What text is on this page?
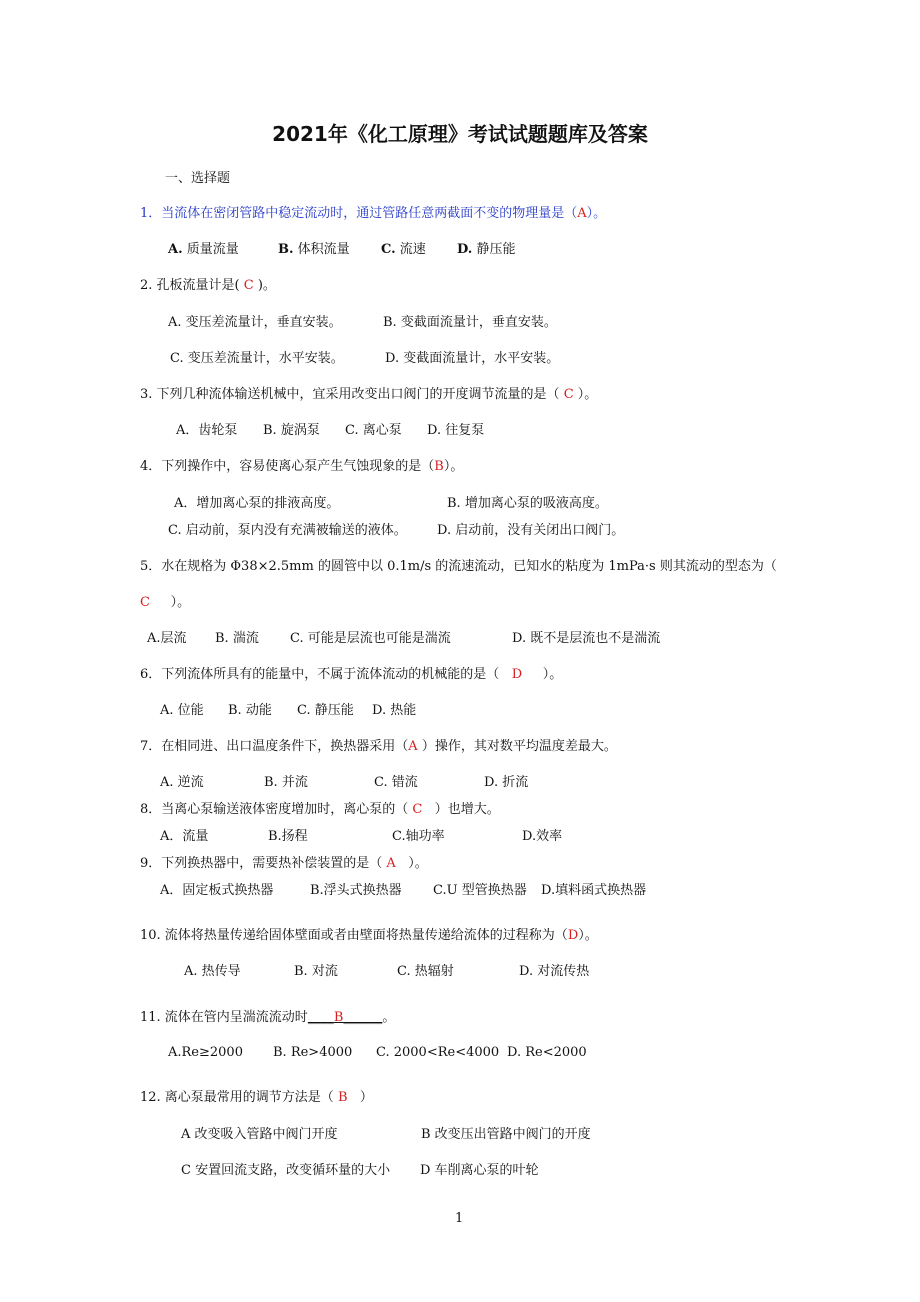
2021年《化工原理》考试试题题库及答案
一、选择题
1．当流体在密闭管路中稳定流动时，通过管路任意两截面不变的物理量是（A）。
A. 质量流量	B. 体积流量 C. 流速 D. 静压能
2. 孔板流量计是( C )。
A. 变压差流量计，垂直安装。	B. 变截面流量计，垂直安装。
C. 变压差流量计，水平安装。	D. 变截面流量计，水平安装。
3. 下列几种流体输送机械中，宜采用改变出口阀门的开度调节流量的是（ C ）。
A．齿轮泵 B. 旋涡泵 C. 离心泵 D. 往复泵
4．下列操作中，容易使离心泵产生气蚀现象的是（B）。
A．增加离心泵的排液高度。	B. 增加离心泵的吸液高度。
C. 启动前，泵内没有充满被输送的液体。 D. 启动前，没有关闭出口阀门。
5．水在规格为 Φ38×2.5mm 的圆管中以 0.1m/s 的流速流动，已知水的粘度为 1mPa·s 则其流动的型态为（
C ）。
A.层流 B. 湍流 C. 可能是层流也可能是湍流	D. 既不是层流也不是湍流
6．下列流体所具有的能量中，不属于流体流动的机械能的是（ D ）。
A. 位能 B. 动能 C. 静压能 D. 热能
7．在相同进、出口温度条件下，换热器采用（A ）操作，其对数平均温度差最大。
A. 逆流	B. 并流	C. 错流	D. 折流
8．当离心泵输送液体密度增加时，离心泵的（ C ）也增大。
A．流量	B.扬程	C.轴功率	D.效率
9．下列换热器中，需要热补偿装置的是（ A ）。
A．固定板式换热器	B.浮头式换热器 C.U 型管换热器 D.填料函式换热器
10. 流体将热量传递给固体壁面或者由壁面将热量传递给流体的过程称为（D）。
A. 热传导	B. 对流	C. 热辐射	D. 对流传热
11. 流体在管内呈湍流流动时____B______。
A.Re≥2000 B. Re>4000 C. 2000<Re<4000 D. Re<2000
12. 离心泵最常用的调节方法是（ B ）
A 改变吸入管路中阀门开度	B 改变压出管路中阀门的开度
C 安置回流支路，改变循环量的大小 D 车削离心泵的叶轮
1
